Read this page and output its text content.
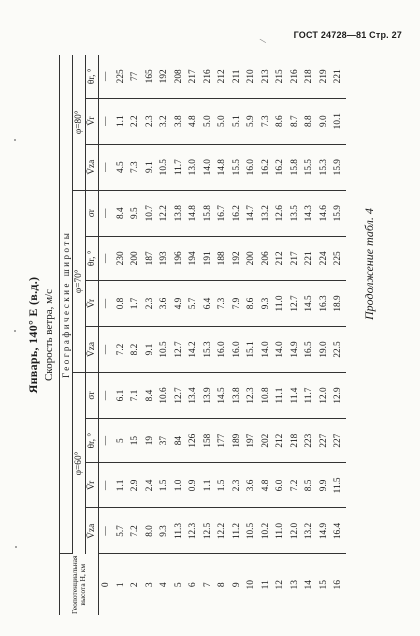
ГОСТ 24728—81 Стр. 27
\
Продолжение табл. 4
Январь, 140° E (в.д.) Скорость ветра, м/с
Геопотенциальная высота H, км	Географические широты										
	φ=60°				φ=70°				φ=80°		
	V̄za	V̄r	θr, °	σr	V̄za	V̄r	θr, °	σr	V̄za	V̄r	θr, °
0	—	—	—	—	—	—	—	—	—	—	—
1	5.7	1.1	5	6.1	7.2	0.8	230	8.4	4.5	1.1	225
2	7.2	2.9	15	7.1	8.2	1.7	200	9.5	7.3	2.2	77
3	8.0	2.4	19	8.4	9.1	2.3	187	10.7	9.1	2.3	165
4	9.3	1.5	37	10.6	10.5	3.6	193	12.2	10.5	3.2	192
5	11.3	1.0	84	12.7	12.7	4.9	196	13.8	11.7	3.8	208
6	12.3	0.9	126	13.4	14.2	5.7	194	14.8	13.0	4.8	217
7	12.5	1.1	158	13.9	15.3	6.4	191	15.8	14.0	5.0	216
8	12.2	1.5	177	14.5	16.0	7.3	188	16.7	14.8	5.0	212
9	11.2	2.3	189	13.8	16.0	7.9	192	16.2	15.5	5.1	211
10	10.5	3.6	197	12.3	15.1	8.6	200	14.7	16.0	5.9	210
11	10.2	4.8	202	10.8	14.0	9.3	206	13.2	16.2	7.3	213
12	11.0	6.0	212	11.1	14.0	11.0	212	12.6	16.2	8.6	215
13	12.0	7.2	218	11.4	14.9	12.7	217	13.5	15.8	8.7	216
14	13.2	8.5	223	11.7	16.5	14.5	221	14.3	15.5	8.8	218
15	14.9	9.9	227	12.0	19.0	16.3	224	14.6	15.3	9.0	219
16	16.4	11.5	227	12.9	22.5	18.9	225	15.9	15.9	10.1	221
